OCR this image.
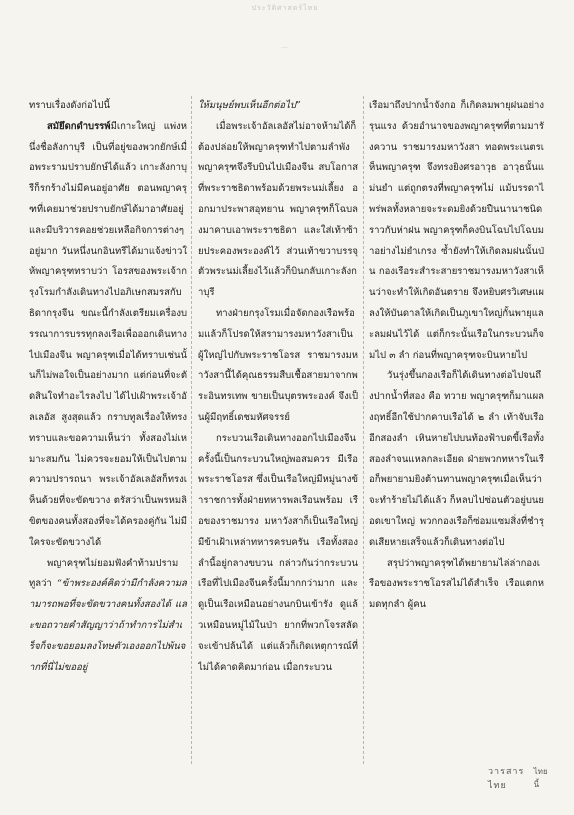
ประวัติศาสตร์ไทย
—

ทราบเรื่องดังก่อไปนี้

สมัยึดกดำบรรพ์มีเกาะใหญ่ แพ่งหนึ่งชื่อลังกาบุรี เป็นที่อยู่ของพวกยักษ์เมื่อพระรามปราบยักษ์ได้แล้ว เกาะลังกาบุรีก็รกร้างไม่มีคนอยู่อาศัย ตอนพญาครุฑที่เคยมาช่วยปราบยักษ์ได้มาอาศัยอยู่และมีบริวารคอยช่วยเหลือกิจการต่างๆ อยู่มาก วันหนึ่งนกอินทรีได้มาแจ้งข่าวให้พญาครุฑทราบว่า โอรสของพระเจ้ากรุงโรมกำลังเดินทางไปอภิเษกสมรสกับธิดากรุงจีน ขณะนี้กำลังเตรียมเครื่องบรรณาการบรรทุกลงเรือเพื่อออกเดินทางไปเมืองจีน พญาครุฑเมื่อได้ทราบเช่นนั้นก็ไม่พอใจเป็นอย่างมาก แต่ก่อนที่จะตัดสินใจทำอะไรลงไป ได้ไปเฝ้าพระเจ้าอัลเลอัส สูงสุดแล้ว กราบทูลเรื่องให้ทรงทราบและขอความเห็นว่า ทั้งสองไม่เหมาะสมกัน ไม่ควรจะยอมให้เป็นไปตามความปรารถนา พระเจ้าอัลเลอัสก็ทรงเห็นด้วยที่จะขัดขวาง ตรัสว่าเป็นพรหมลิขิตของคนทั้งสองที่จะได้ครองคู่กัน ไม่มีใครจะขัดขวางได้

พญาครุฑไม่ยอมฟังคำท้ามปราม ทูลว่า “ข้าพระองค์คิดว่ามีกำลังความสามารถพอที่จะขัดขวางคนทั้งสองได้ และขอถวายคำสัญญาว่าถ้าทำการไม่สำเร็จก็จะขอยอมลงโทษตัวเองออกไปพ้นจากที่นี่ไม่ขออยู่

ให้มนุษย์พบเห็นอีกต่อไป”

เมื่อพระเจ้าอัลเลอัสไม่อาจห้ามได้ก็ต้องปล่อยให้พญาครุฑทำไปตามลำพัง พญาครุฑจึงรีบบินไปเมืองจีน สบโอกาสที่พระราชธิดาพร้อมด้วยพระนม่เลี้ยง ออกมาประพาสอุทยาน พญาครุฑก็โฉบลงมาคาบเอาพระราชธิดา และใส่เท้าซ้ายประคองพระองค์ไว้ ส่วนเท้าขวาบรรจุตัวพระนม่เลี้ยงไว้แล้วก็บินกลับเกาะลังกาบุรี

ทางฝ่ายกรุงโรมเมื่อจัดกองเรือพร้อมแล้วก็โปรดให้สรามารงมหาวังสาเป็นผู้ใหญ่ไปกับพระราชโอรส ราชมารงมหาวังสานี้ได้คุณธรรมสืบเชื้อสายมาจากพระอินทรเทพ ขายเป็นบุตรพระองค์ จึงเป็นผู้มีฤทธิ์เดชมหัศจรรย์

กระบวนเรือเดินทางออกไปเมืองจีนครั้งนี้เป็นกระบวนใหญ่พอสมควร มีเรือพระราชโอรส ซึ่งเป็นเรือใหญ่มีหมู่นางข้าราชการทั้งฝ่ายทหารพลเรือนพร้อม เรือของราชมารง มหาวังสาก็เป็นเรือใหญ่มีข้าเฝ้าเหล่าทหารครบครัน เรือทั้งสองลำนี้อยู่กลางขบวน กล่าวกันว่ากระบวนเรือที่ไปเมืองจีนครั้งนี้มากกว่ามาก และดูเป็นเรือเหมือนอย่างนกบินเข้ารัง ดูแล้วเหมือนหมู่ไม้ในป่า ยากที่พวกโจรสลัดจะเข้าปล้นได้ แต่แล้วก็เกิดเหตุการณ์ที่ไม่ได้คาดคิดมาก่อน เมื่อกระบวน

เรือมาถึงปากน้ำจังกอ ก็เกิดลมพายุฝนอย่างรุนแรง ด้วยอำนาจของพญาครุฑที่ตามมารังควาน ราชมารงมหาวังสา ทอดพระเนตรเห็นพญาครุฑ จึงทรงยิงศรอาวุธ อาวุธนั้นแม่นยำ แต่ถูกตรงที่พญาครุฑไม่ แม้บรรดาไพร่พลทั้งหลายจะระดมยิงด้วยปืนนานาชนิดราวกับห่าฝน พญาครุฑก็คงบินโฉบไปโฉบมาอย่างไม่ยำเกรง ซ้ำยังทำให้เกิดลมฝนนั้นป่น กองเรือระสำระสายราชมารงมหาวังสาเห็นว่าจะทำให้เกิดอันตราย จึงหยิบศรวิเศษแผลงให้บันดาลให้เกิดเป็นภูเขาใหญ่กั้นพายุและลมฝนไว้ได้ แต่ก็กระนั้นเรือในกระบวนก็จมไป ๓ ลำ ก่อนที่พญาครุฑจะบินหายไป

วันรุ่งขึ้นกองเรือก็ได้เดินทางต่อไปจนถึงปากน้ำที่สอง คือ ทวาย พญาครุฑก็มาแผลงฤทธิ์อีกใช้ปากคาบเรือได้ ๒ ลำ เท้าจับเรืออีกสองลำ เหินหายไปบนท้องฟ้าบดขี้เรือทั้งสองลำจนแหลกละเอียด ฝ่ายพวกทหารในเรือก็พยายามยิงต้านทานพญาครุฑเมื่อเห็นว่าจะทำร้ายไม่ได้แล้ว ก็หลบไปซ่อนตัวอยู่บนยอดเขาใหญ่ พวกกองเรือก็ซ่อมแซมสิ่งที่ชำรุดเสียหายเสร็จแล้วก็เดินทางต่อไป

สรุปว่าพญาครุฑได้พยายามไล่ล่ากองเรือของพระราชโอรสไม่ได้สำเร็จ เรือแตกหมดทุกลำ ผู้คน

วารสารไทย
ไทยนี้
